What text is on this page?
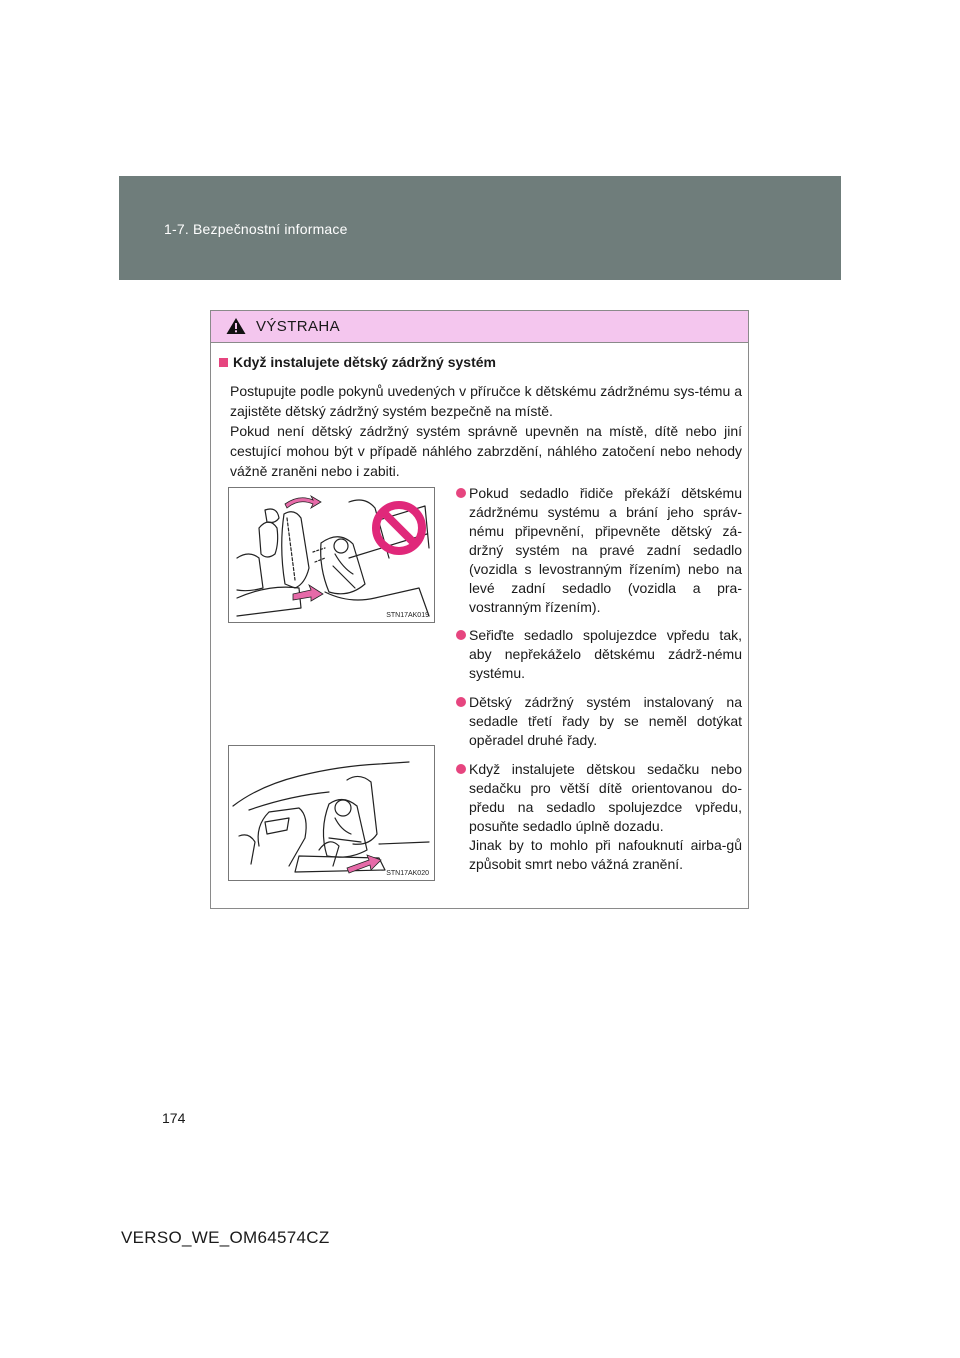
1-7. Bezpečnostní informace
VÝSTRAHA
Když instalujete dětský zádržný systém

Postupujte podle pokynů uvedených v příručce k dětskému zádržnému sys-tému a zajistěte dětský zádržný systém bezpečně na místě.

Pokud není dětský zádržný systém správně upevněn na místě, dítě nebo jiní cestující mohou být v případě náhlého zabrzdění, náhlého zatočení nebo nehody vážně zraněni nebo i zabiti.

STN17AK019
STN17AK020
Pokud sedadlo řidiče překáží dětskému zádržnému systému a brání jeho správ-nému připevnění, připevněte dětský zá-držný systém na pravé zadní sedadlo (vozidla s levostranným řízením) nebo na levé zadní sedadlo (vozidla a pra-vostranným řízením).
Seřiďte sedadlo spolujezdce vpředu tak, aby nepřekáželo dětskému zádrž-nému systému.
Dětský zádržný systém instalovaný na sedadle třetí řady by se neměl dotýkat opěradel druhé řady.
Když instalujete dětskou sedačku nebo sedačku pro větší dítě orientovanou do-předu na sedadlo spolujezdce vpředu, posuňte sedadlo úplně dozadu.
Jinak by to mohlo při nafouknutí airba-gů způsobit smrt nebo vážná zranění.
174
VERSO_WE_OM64574CZ
